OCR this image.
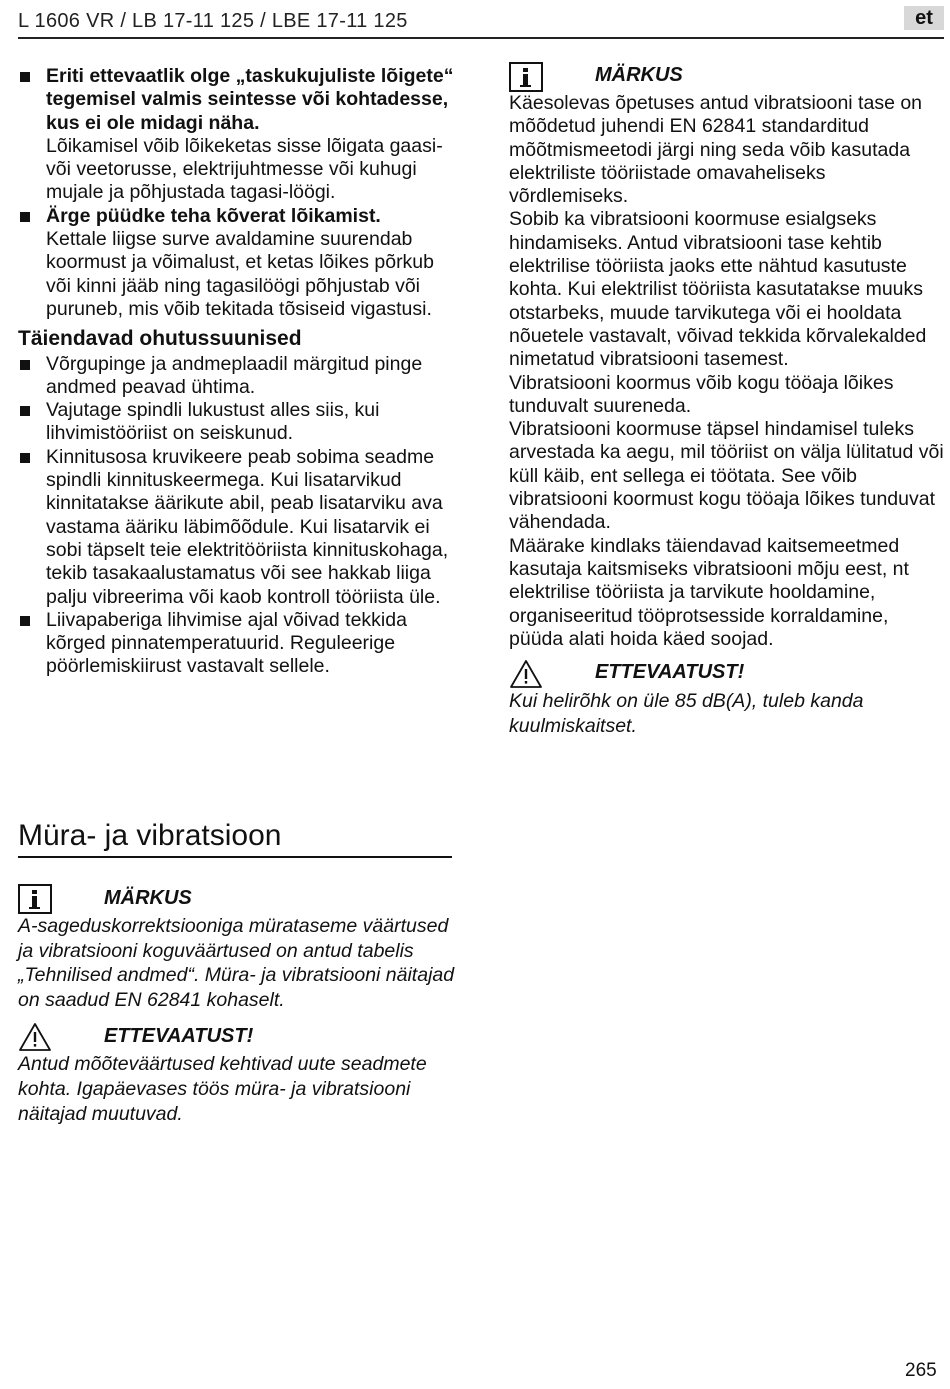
L 1606 VR / LB 17-11 125 / LBE 17-11 125	et
Eriti ettevaatlik olge „taskukujuliste lõigete“ tegemisel valmis seintesse või kohtadesse, kus ei ole midagi näha.
Lõikamisel võib lõikeketas sisse lõigata gaasi- või veetorusse, elektrijuhtmesse või kuhugi mujale ja põhjustada tagasi-löögi.
Ärge püüdke teha kõverat lõikamist.
Kettale liigse surve avaldamine suurendab koormust ja võimalust, et ketas lõikes põrkub või kinni jääb ning tagasilöögi põhjustab või puruneb, mis võib tekitada tõsiseid vigastusi.
Täiendavad ohutussuunised
Võrgupinge ja andmeplaadil märgitud pinge andmed peavad ühtima.
Vajutage spindli lukustust alles siis, kui lihvimistööriist on seiskunud.
Kinnitusosa kruvikeere peab sobima seadme spindli kinnituskeermega. Kui lisatarvikud kinnitatakse äärikute abil, peab lisatarviku ava vastama ääriku läbimõõdule. Kui lisatarvik ei sobi täpselt teie elektritööriista kinnituskohaga, tekib tasakaalustamatus või see hakkab liiga palju vibreerima või kaob kontroll tööriista üle.
Liivapaberiga lihvimise ajal võivad tekkida kõrged pinnatemperatuurid. Reguleerige pöörlemiskiirust vastavalt sellele.
Müra- ja vibratsioon
MÄRKUS
A-sageduskorrektsiooniga mürataseme väärtused ja vibratsiooni koguväärtused on antud tabelis „Tehnilised andmed“. Müra- ja vibratsiooni näitajad on saadud EN 62841 kohaselt.
ETTEVAATUST!
Antud mõõteväärtused kehtivad uute seadmete kohta. Igapäevases töös müra- ja vibratsiooni näitajad muutuvad.
MÄRKUS
Käesolevas õpetuses antud vibratsiooni tase on mõõdetud juhendi EN 62841 standarditud mõõtmismeetodi järgi ning seda võib kasutada elektriliste tööriistade omavaheliseks võrdlemiseks.
Sobib ka vibratsiooni koormuse esialgseks hindamiseks. Antud vibratsiooni tase kehtib elektrilise tööriista jaoks ette nähtud kasutuste kohta. Kui elektrilist tööriista kasutatakse muuks otstarbeks, muude tarvikutega või ei hooldata nõuetele vastavalt, võivad tekkida kõrvalekalded nimetatud vibratsiooni tasemest.
Vibratsiooni koormus võib kogu tööaja lõikes tunduvalt suureneda.
Vibratsiooni koormuse täpsel hindamisel tuleks arvestada ka aegu, mil tööriist on välja lülitatud või küll käib, ent sellega ei töötata. See võib vibratsiooni koormust kogu tööaja lõikes tunduvat vähendada.
Määrake kindlaks täiendavad kaitsemeetmed kasutaja kaitsmiseks vibratsiooni mõju eest, nt elektrilise tööriista ja tarvikute hooldamine, organiseeritud tööprotsesside korraldamine, püüda alati hoida käed soojad.
ETTEVAATUST!
Kui helirõhk on üle 85 dB(A), tuleb kanda kuulmiskaitset.
265
